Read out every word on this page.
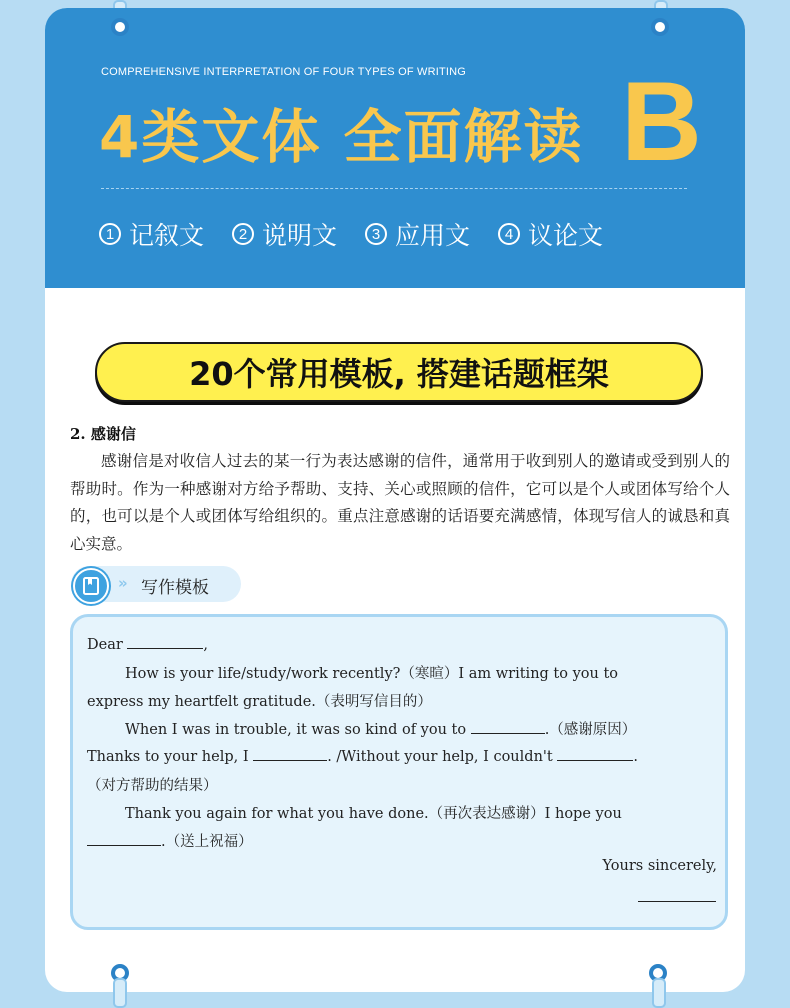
COMPREHENSIVE INTERPRETATION OF FOUR TYPES OF WRITING
4类文体 全面解读 B
1 记叙文	2 说明文	3 应用文	4 议论文
20个常用模板, 搭建话题框架
2. 感谢信

感谢信是对收信人过去的某一行为表达感谢的信件，通常用于收到别人的邀请或受到别人的帮助时。作为一种感谢对方给予帮助、支持、关心或照顾的信件，它可以是个人或团体写给个人的，也可以是个人或团体写给组织的。重点注意感谢的话语要充满感情，体现写信人的诚恳和真心实意。

» 写作模板

Dear	,

How is your life/study/work recently?（寒暄）I am writing to you to

express my heartfelt gratitude.（表明写信目的）

When I was in trouble, it was so kind of you to	.（感谢原因）

Thanks to your help, I	. /Without your help, I couldn't	.

（对方帮助的结果）

Thank you again for what you have done.（再次表达感谢）I hope you

.（送上祝福）

Yours sincerely,
